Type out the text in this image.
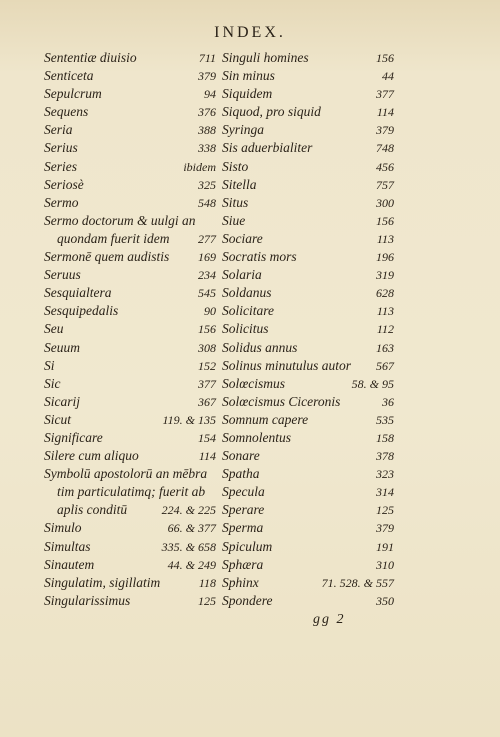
INDEX.
Sententiæ diuisio	711
Senticeta	379
Sepulcrum	94
Sequens	376
Seria	388
Serius	338
Series	ibidem
Seriosè	325
Sermo	548
Sermo doctorum & uulgi an
quondam fuerit idem 277
Sermonē quem audistis 169
Seruus	234
Sesquialtera	545
Sesquipedalis	90
Seu	156
Seuum	308
Si	152
Sic	377
Sicarij	367
Sicut	119. & 135
Significare	154
Silere cum aliquo	114
Symbolū apostolorū an mēbra
tim particulatimq; fuerit ab
aplis conditū	224. & 225
Simulo	66. & 377
Simultas	335. & 658
Sinautem	44. & 249
Singulatim, sigillatim	118
Singularissimus	125
Singuli homines	156
Sin minus	44
Siquidem	377
Siquod, pro siquid	114
Syringa	379
Sis aduerbialiter	748
Sisto	456
Sitella	757
Situs	300
Siue	156
Sociare	113
Socratis mors	196
Solaria	319
Soldanus	628
Solicitare	113
Solicitus	112
Solidus annus	163
Solinus minutulus autor 567
Solœcismus	58. & 95
Solœcismus Ciceronis	36
Somnum capere	535
Somnolentus	158
Sonare	378
Spatha	323
Specula	314
Sperare	125
Sperma	379
Spiculum	191
Sphæra	310
Sphinx	71. 528. & 557
Spondere	350
gg 2
